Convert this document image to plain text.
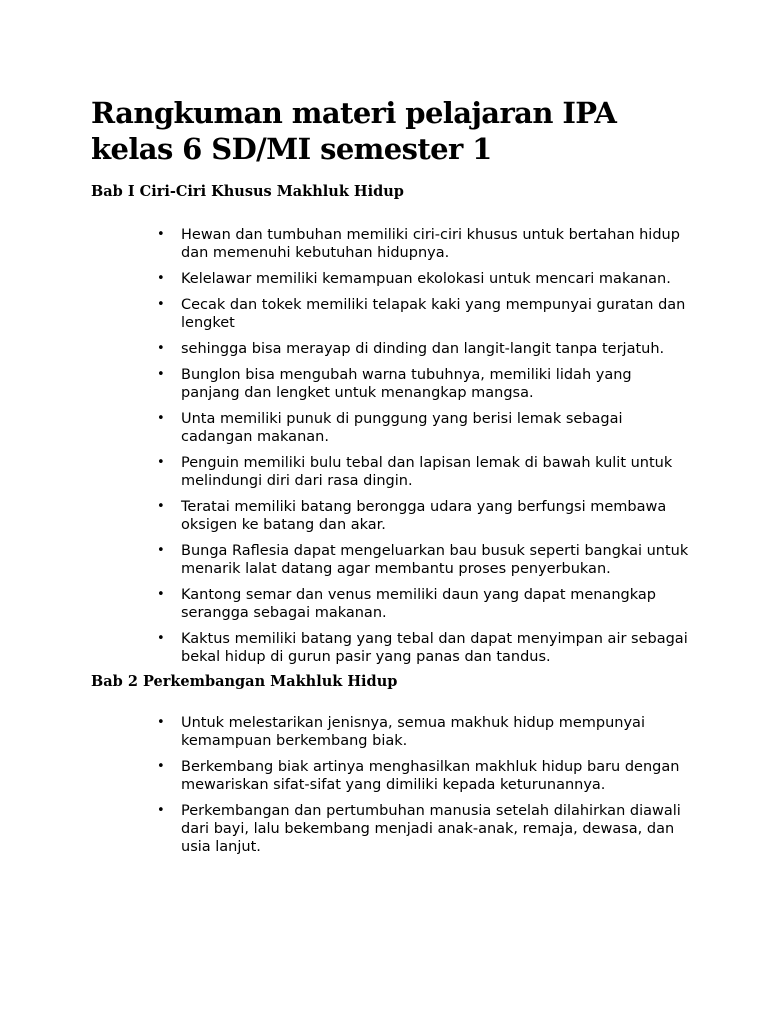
Rangkuman materi pelajaran IPA kelas 6 SD/MI semester 1
Bab I Ciri-Ciri Khusus Makhluk Hidup
• Hewan dan tumbuhan memiliki ciri-ciri khusus untuk bertahan hidup dan memenuhi kebutuhan hidupnya.
• Kelelawar memiliki kemampuan ekolokasi untuk mencari makanan.
• Cecak dan tokek memiliki telapak kaki yang mempunyai guratan dan lengket
• sehingga bisa merayap di dinding dan langit-langit tanpa terjatuh.
• Bunglon bisa mengubah warna tubuhnya, memiliki lidah yang panjang dan lengket untuk menangkap mangsa.
• Unta memiliki punuk di punggung yang berisi lemak sebagai cadangan makanan.
• Penguin memiliki bulu tebal dan lapisan lemak di bawah kulit untuk melindungi diri dari rasa dingin.
• Teratai memiliki batang berongga udara yang berfungsi membawa oksigen ke batang dan akar.
• Bunga Raflesia dapat mengeluarkan bau busuk seperti bangkai untuk menarik lalat datang agar membantu proses penyerbukan.
• Kantong semar dan venus memiliki daun yang dapat menangkap serangga sebagai makanan.
• Kaktus memiliki batang yang tebal dan dapat menyimpan air sebagai bekal hidup di gurun pasir yang panas dan tandus.
Bab 2 Perkembangan Makhluk Hidup
• Untuk melestarikan jenisnya, semua makhuk hidup mempunyai kemampuan berkembang biak.
• Berkembang biak artinya menghasilkan makhluk hidup baru dengan mewariskan sifat-sifat yang dimiliki kepada keturunannya.
• Perkembangan dan pertumbuhan manusia setelah dilahirkan diawali dari bayi, lalu bekembang menjadi anak-anak, remaja, dewasa, dan usia lanjut.
